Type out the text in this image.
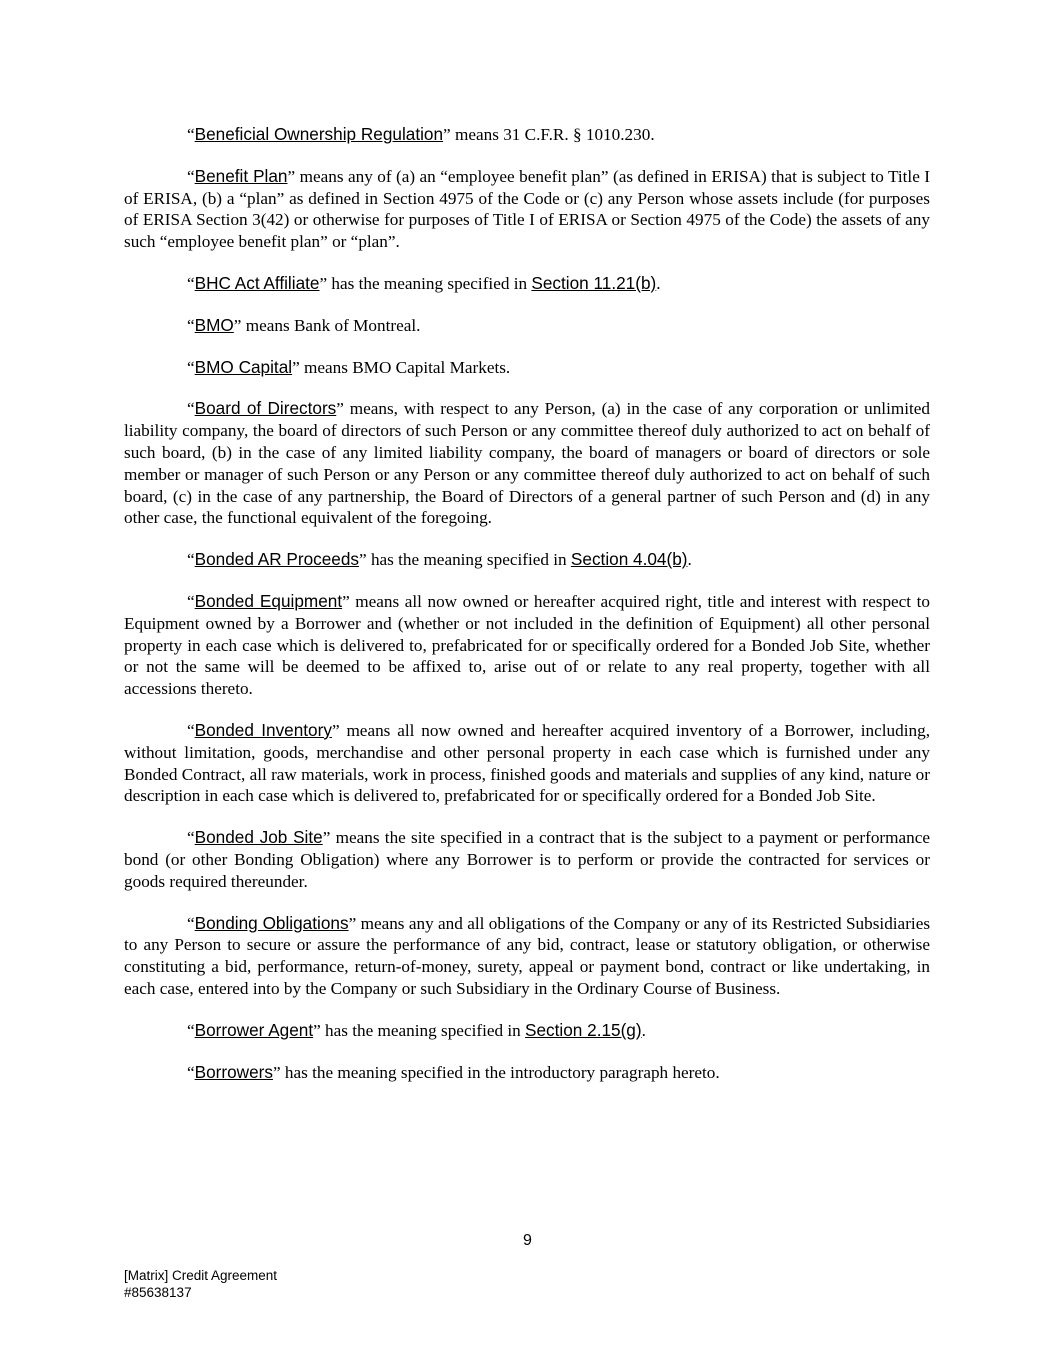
“Beneficial Ownership Regulation” means 31 C.F.R. § 1010.230.

“Benefit Plan” means any of (a) an “employee benefit plan” (as defined in ERISA) that is subject to Title I of ERISA, (b) a “plan” as defined in Section 4975 of the Code or (c) any Person whose assets include (for purposes of ERISA Section 3(42) or otherwise for purposes of Title I of ERISA or Section 4975 of the Code) the assets of any such “employee benefit plan” or “plan”.

“BHC Act Affiliate” has the meaning specified in Section 11.21(b).

“BMO” means Bank of Montreal.

“BMO Capital” means BMO Capital Markets.

“Board of Directors” means, with respect to any Person, (a) in the case of any corporation or unlimited liability company, the board of directors of such Person or any committee thereof duly authorized to act on behalf of such board, (b) in the case of any limited liability company, the board of managers or board of directors or sole member or manager of such Person or any Person or any committee thereof duly authorized to act on behalf of such board, (c) in the case of any partnership, the Board of Directors of a general partner of such Person and (d) in any other case, the functional equivalent of the foregoing.

“Bonded AR Proceeds” has the meaning specified in Section 4.04(b).

“Bonded Equipment” means all now owned or hereafter acquired right, title and interest with respect to Equipment owned by a Borrower and (whether or not included in the definition of Equipment) all other personal property in each case which is delivered to, prefabricated for or specifically ordered for a Bonded Job Site, whether or not the same will be deemed to be affixed to, arise out of or relate to any real property, together with all accessions thereto.

“Bonded Inventory” means all now owned and hereafter acquired inventory of a Borrower, including, without limitation, goods, merchandise and other personal property in each case which is furnished under any Bonded Contract, all raw materials, work in process, finished goods and materials and supplies of any kind, nature or description in each case which is delivered to, prefabricated for or specifically ordered for a Bonded Job Site.

“Bonded Job Site” means the site specified in a contract that is the subject to a payment or performance bond (or other Bonding Obligation) where any Borrower is to perform or provide the contracted for services or goods required thereunder.

“Bonding Obligations” means any and all obligations of the Company or any of its Restricted Subsidiaries to any Person to secure or assure the performance of any bid, contract, lease or statutory obligation, or otherwise constituting a bid, performance, return-of-money, surety, appeal or payment bond, contract or like undertaking, in each case, entered into by the Company or such Subsidiary in the Ordinary Course of Business.

“Borrower Agent” has the meaning specified in Section 2.15(g).

“Borrowers” has the meaning specified in the introductory paragraph hereto.

9
[Matrix] Credit Agreement
#85638137
